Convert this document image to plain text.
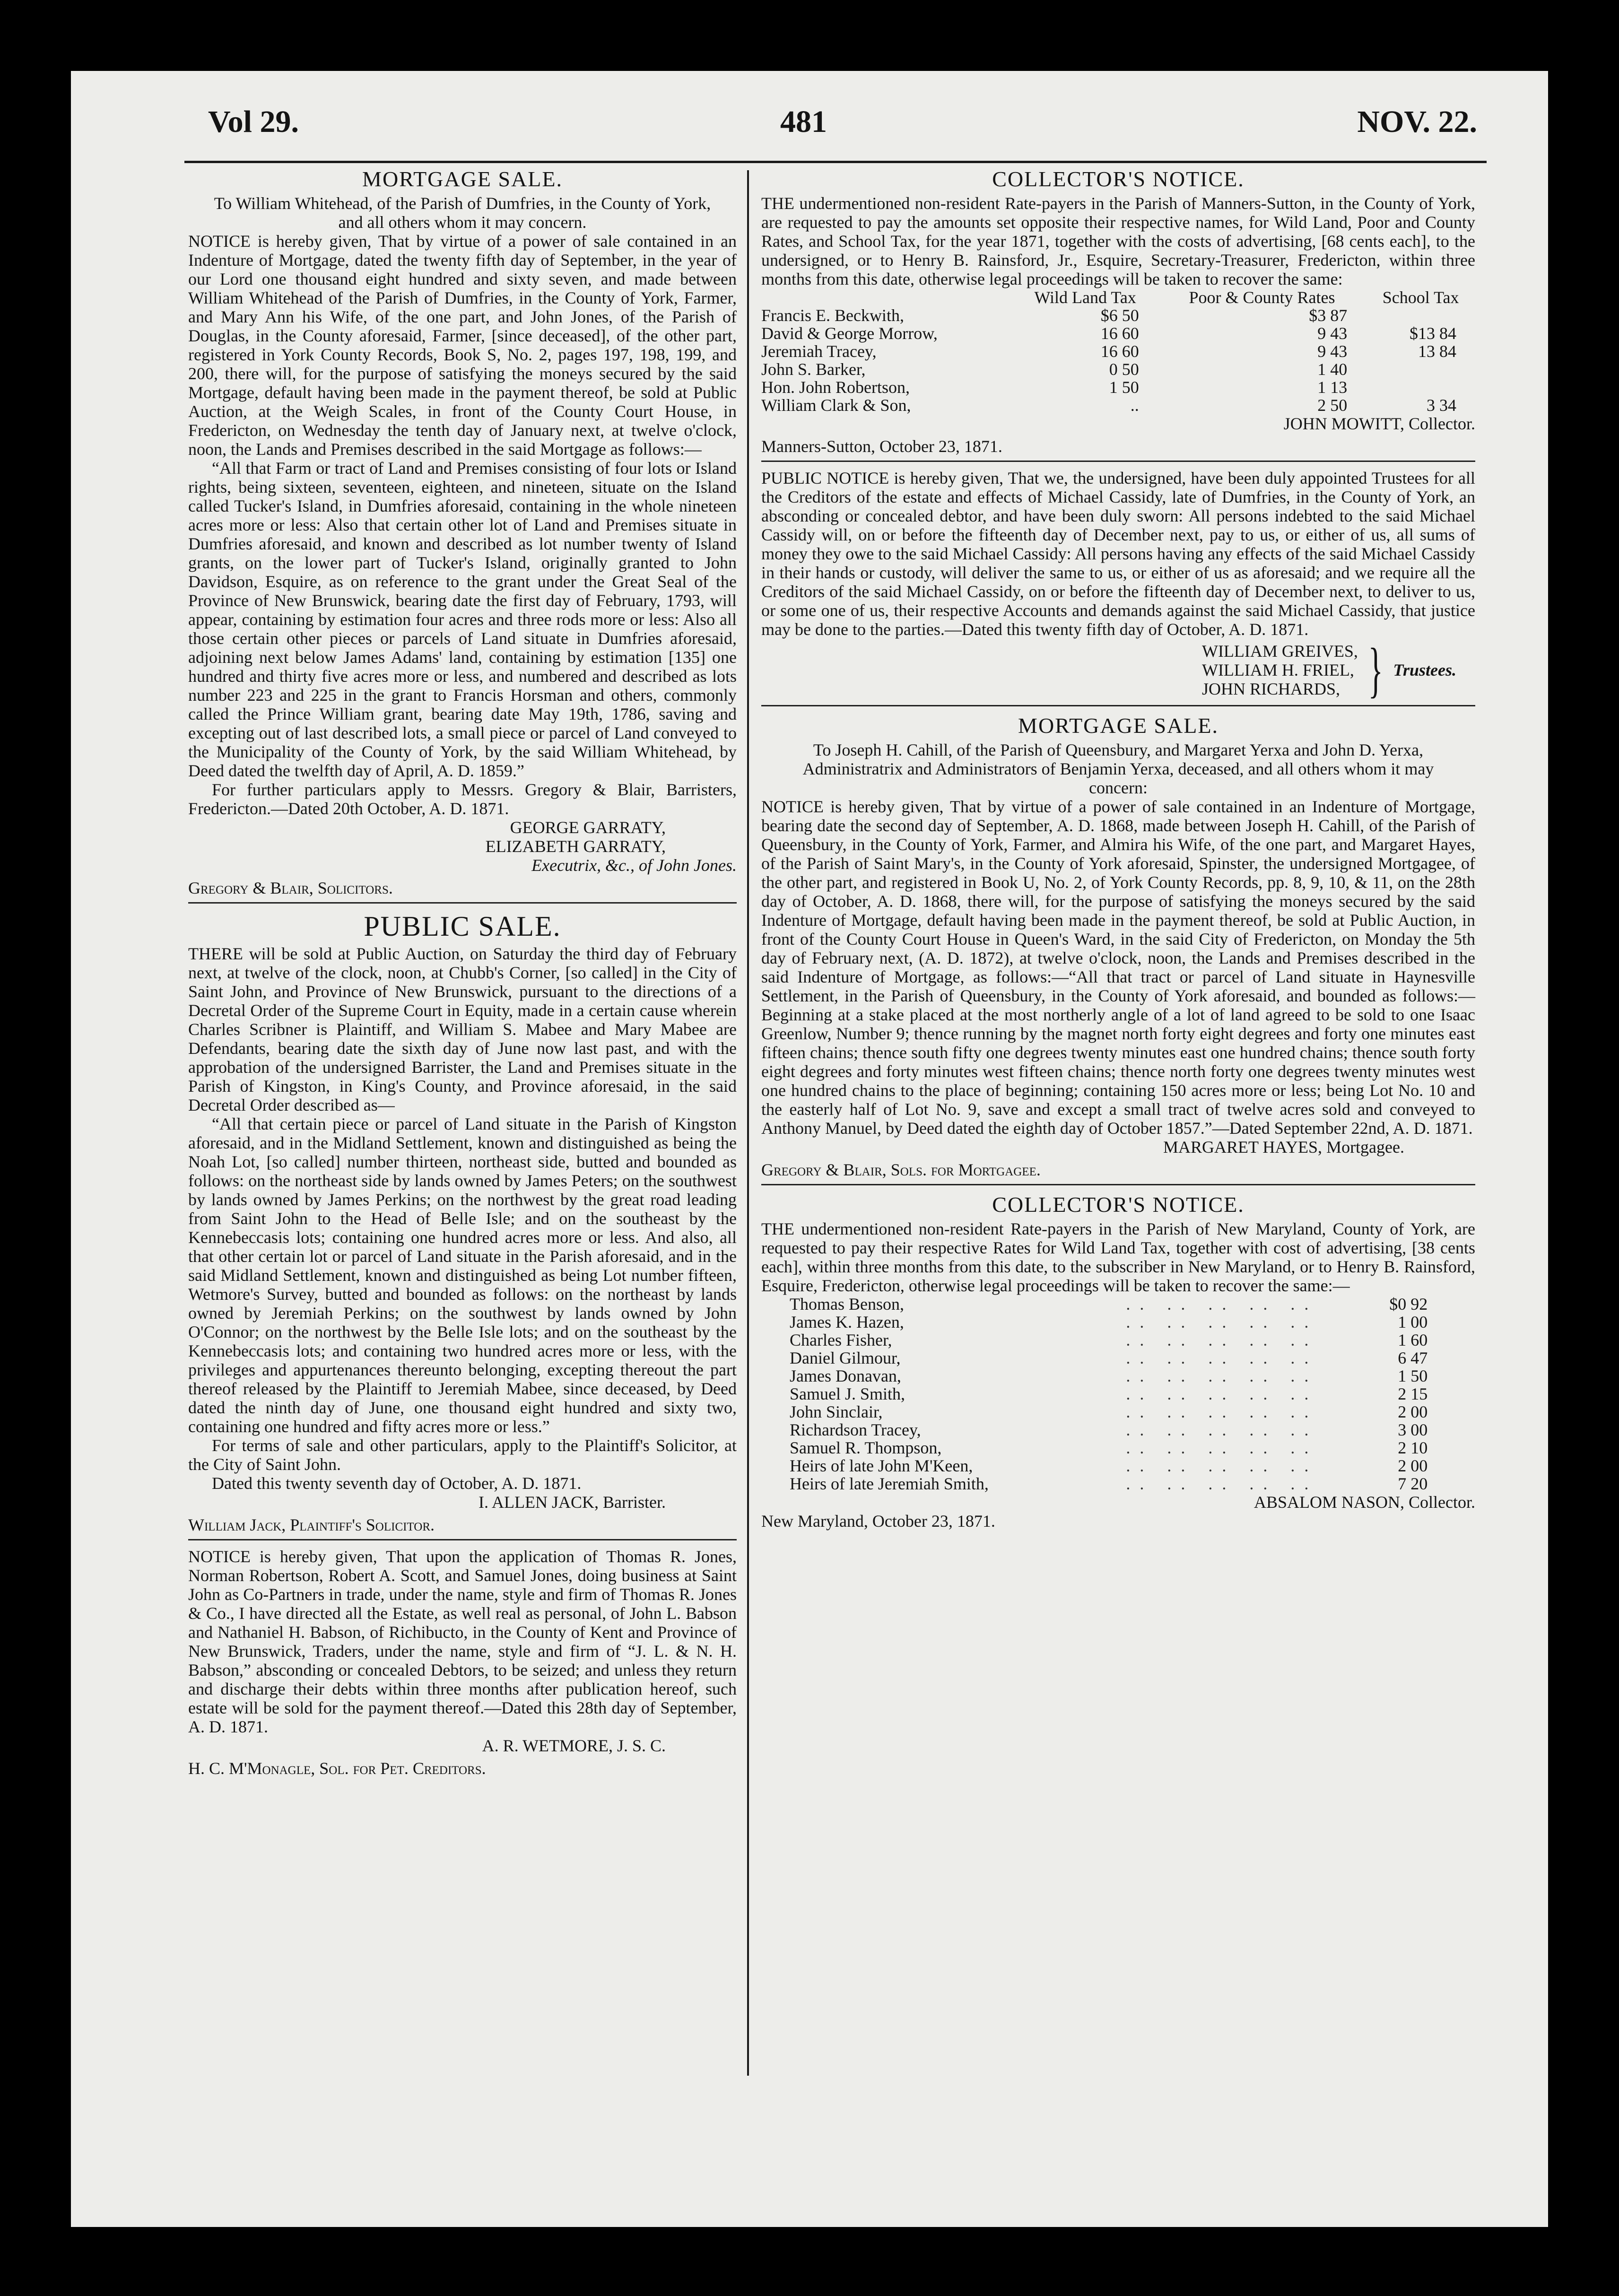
Vol 29.	481	NOV. 22.
MORTGAGE SALE.

To William Whitehead, of the Parish of Dumfries, in the County of York, and all others whom it may concern.

NOTICE is hereby given, That by virtue of a power of sale contained in an Indenture of Mortgage, dated the twenty fifth day of September, in the year of our Lord one thousand eight hundred and sixty seven, and made between William Whitehead of the Parish of Dumfries, in the County of York, Farmer, and Mary Ann his Wife, of the one part, and John Jones, of the Parish of Douglas, in the County aforesaid, Farmer, [since deceased], of the other part, registered in York County Records, Book S, No. 2, pages 197, 198, 199, and 200, there will, for the purpose of satisfying the moneys secured by the said Mortgage, default having been made in the payment thereof, be sold at Public Auction, at the Weigh Scales, in front of the County Court House, in Fredericton, on Wednesday the tenth day of January next, at twelve o'clock, noon, the Lands and Premises described in the said Mortgage as follows:—

“All that Farm or tract of Land and Premises consisting of four lots or Island rights, being sixteen, seventeen, eighteen, and nineteen, situate on the Island called Tucker's Island, in Dumfries aforesaid, containing in the whole nineteen acres more or less: Also that certain other lot of Land and Premises situate in Dumfries aforesaid, and known and described as lot number twenty of Island grants, on the lower part of Tucker's Island, originally granted to John Davidson, Esquire, as on reference to the grant under the Great Seal of the Province of New Brunswick, bearing date the first day of February, 1793, will appear, containing by estimation four acres and three rods more or less: Also all those certain other pieces or parcels of Land situate in Dumfries aforesaid, adjoining next below James Adams' land, containing by estimation [135] one hundred and thirty five acres more or less, and numbered and described as lots number 223 and 225 in the grant to Francis Horsman and others, commonly called the Prince William grant, bearing date May 19th, 1786, saving and excepting out of last described lots, a small piece or parcel of Land conveyed to the Municipality of the County of York, by the said William Whitehead, by Deed dated the twelfth day of April, A. D. 1859.”

For further particulars apply to Messrs. Gregory & Blair, Barristers, Fredericton.—Dated 20th October, A. D. 1871.

GEORGE GARRATY,

ELIZABETH GARRATY,

Executrix, &c., of John Jones.

Gregory & Blair, Solicitors.

PUBLIC SALE.

THERE will be sold at Public Auction, on Saturday the third day of February next, at twelve of the clock, noon, at Chubb's Corner, [so called] in the City of Saint John, and Province of New Brunswick, pursuant to the directions of a Decretal Order of the Supreme Court in Equity, made in a certain cause wherein Charles Scribner is Plaintiff, and William S. Mabee and Mary Mabee are Defendants, bearing date the sixth day of June now last past, and with the approbation of the undersigned Barrister, the Land and Premises situate in the Parish of Kingston, in King's County, and Province aforesaid, in the said Decretal Order described as—

“All that certain piece or parcel of Land situate in the Parish of Kingston aforesaid, and in the Midland Settlement, known and distinguished as being the Noah Lot, [so called] number thirteen, northeast side, butted and bounded as follows: on the northeast side by lands owned by James Peters; on the southwest by lands owned by James Perkins; on the northwest by the great road leading from Saint John to the Head of Belle Isle; and on the southeast by the Kennebeccasis lots; containing one hundred acres more or less. And also, all that other certain lot or parcel of Land situate in the Parish aforesaid, and in the said Midland Settlement, known and distinguished as being Lot number fifteen, Wetmore's Survey, butted and bounded as follows: on the northeast by lands owned by Jeremiah Perkins; on the southwest by lands owned by John O'Connor; on the northwest by the Belle Isle lots; and on the southeast by the Kennebeccasis lots; and containing two hundred acres more or less, with the privileges and appurtenances thereunto belonging, excepting thereout the part thereof released by the Plaintiff to Jeremiah Mabee, since deceased, by Deed dated the ninth day of June, one thousand eight hundred and sixty two, containing one hundred and fifty acres more or less.”

For terms of sale and other particulars, apply to the Plaintiff's Solicitor, at the City of Saint John.

Dated this twenty seventh day of October, A. D. 1871.

I. ALLEN JACK, Barrister.

William Jack, Plaintiff's Solicitor.

NOTICE is hereby given, That upon the application of Thomas R. Jones, Norman Robertson, Robert A. Scott, and Samuel Jones, doing business at Saint John as Co-Partners in trade, under the name, style and firm of Thomas R. Jones & Co., I have directed all the Estate, as well real as personal, of John L. Babson and Nathaniel H. Babson, of Richibucto, in the County of Kent and Province of New Brunswick, Traders, under the name, style and firm of “J. L. & N. H. Babson,” absconding or concealed Debtors, to be seized; and unless they return and discharge their debts within three months after publication hereof, such estate will be sold for the payment thereof.—Dated this 28th day of September, A. D. 1871.

A. R. WETMORE, J. S. C.

H. C. M'Monagle, Sol. for Pet. Creditors.

COLLECTOR'S NOTICE.

THE undermentioned non-resident Rate-payers in the Parish of Manners-Sutton, in the County of York, are requested to pay the amounts set opposite their respective names, for Wild Land, Poor and County Rates, and School Tax, for the year 1871, together with the costs of advertising, [68 cents each], to the undersigned, or to Henry B. Rainsford, Jr., Esquire, Secretary-Treasurer, Fredericton, within three months from this date, otherwise legal proceedings will be taken to recover the same:

	Wild Land Tax	Poor & County Rates	School Tax
Francis E. Beckwith,	$6 50	$3 87	
David & George Morrow,	16 60	9 43	$13 84
Jeremiah Tracey,	16 60	9 43	13 84
John S. Barker,	0 50	1 40	
Hon. John Robertson,	1 50	1 13	
William Clark & Son,	..	2 50	3 34

JOHN MOWITT, Collector.

Manners-Sutton, October 23, 1871.

PUBLIC NOTICE is hereby given, That we, the undersigned, have been duly appointed Trustees for all the Creditors of the estate and effects of Michael Cassidy, late of Dumfries, in the County of York, an absconding or concealed debtor, and have been duly sworn: All persons indebted to the said Michael Cassidy will, on or before the fifteenth day of December next, pay to us, or either of us, all sums of money they owe to the said Michael Cassidy: All persons having any effects of the said Michael Cassidy in their hands or custody, will deliver the same to us, or either of us as aforesaid; and we require all the Creditors of the said Michael Cassidy, on or before the fifteenth day of December next, to deliver to us, or some one of us, their respective Accounts and demands against the said Michael Cassidy, that justice may be done to the parties.—Dated this twenty fifth day of October, A. D. 1871.

WILLIAM GREIVES,

WILLIAM H. FRIEL,

JOHN RICHARDS, } Trustees.
MORTGAGE SALE.

To Joseph H. Cahill, of the Parish of Queensbury, and Margaret Yerxa and John D. Yerxa, Administratrix and Administrators of Benjamin Yerxa, deceased, and all others whom it may concern:

NOTICE is hereby given, That by virtue of a power of sale contained in an Indenture of Mortgage, bearing date the second day of September, A. D. 1868, made between Joseph H. Cahill, of the Parish of Queensbury, in the County of York, Farmer, and Almira his Wife, of the one part, and Margaret Hayes, of the Parish of Saint Mary's, in the County of York aforesaid, Spinster, the undersigned Mortgagee, of the other part, and registered in Book U, No. 2, of York County Records, pp. 8, 9, 10, & 11, on the 28th day of October, A. D. 1868, there will, for the purpose of satisfying the moneys secured by the said Indenture of Mortgage, default having been made in the payment thereof, be sold at Public Auction, in front of the County Court House in Queen's Ward, in the said City of Fredericton, on Monday the 5th day of February next, (A. D. 1872), at twelve o'clock, noon, the Lands and Premises described in the said Indenture of Mortgage, as follows:—“All that tract or parcel of Land situate in Haynesville Settlement, in the Parish of Queensbury, in the County of York aforesaid, and bounded as follows:—Beginning at a stake placed at the most northerly angle of a lot of land agreed to be sold to one Isaac Greenlow, Number 9; thence running by the magnet north forty eight degrees and forty one minutes east fifteen chains; thence south fifty one degrees twenty minutes east one hundred chains; thence south forty eight degrees and forty minutes west fifteen chains; thence north forty one degrees twenty minutes west one hundred chains to the place of beginning; containing 150 acres more or less; being Lot No. 10 and the easterly half of Lot No. 9, save and except a small tract of twelve acres sold and conveyed to Anthony Manuel, by Deed dated the eighth day of October 1857.”—Dated September 22nd, A. D. 1871.

MARGARET HAYES, Mortgagee.

Gregory & Blair, Sols. for Mortgagee.

COLLECTOR'S NOTICE.

THE undermentioned non-resident Rate-payers in the Parish of New Maryland, County of York, are requested to pay their respective Rates for Wild Land Tax, together with cost of advertising, [38 cents each], within three months from this date, to the subscriber in New Maryland, or to Henry B. Rainsford, Esquire, Fredericton, otherwise legal proceedings will be taken to recover the same:—

Thomas Benson,	.. .. .. .. ..	$0 92
James K. Hazen,	.. .. .. .. ..	1 00
Charles Fisher,	.. .. .. .. ..	1 60
Daniel Gilmour,	.. .. .. .. ..	6 47
James Donavan,	.. .. .. .. ..	1 50
Samuel J. Smith,	.. .. .. .. ..	2 15
John Sinclair,	.. .. .. .. ..	2 00
Richardson Tracey,	.. .. .. .. ..	3 00
Samuel R. Thompson,	.. .. .. .. ..	2 10
Heirs of late John M'Keen,	.. .. .. .. ..	2 00
Heirs of late Jeremiah Smith,	.. .. .. .. ..	7 20

ABSALOM NASON, Collector.

New Maryland, October 23, 1871.
